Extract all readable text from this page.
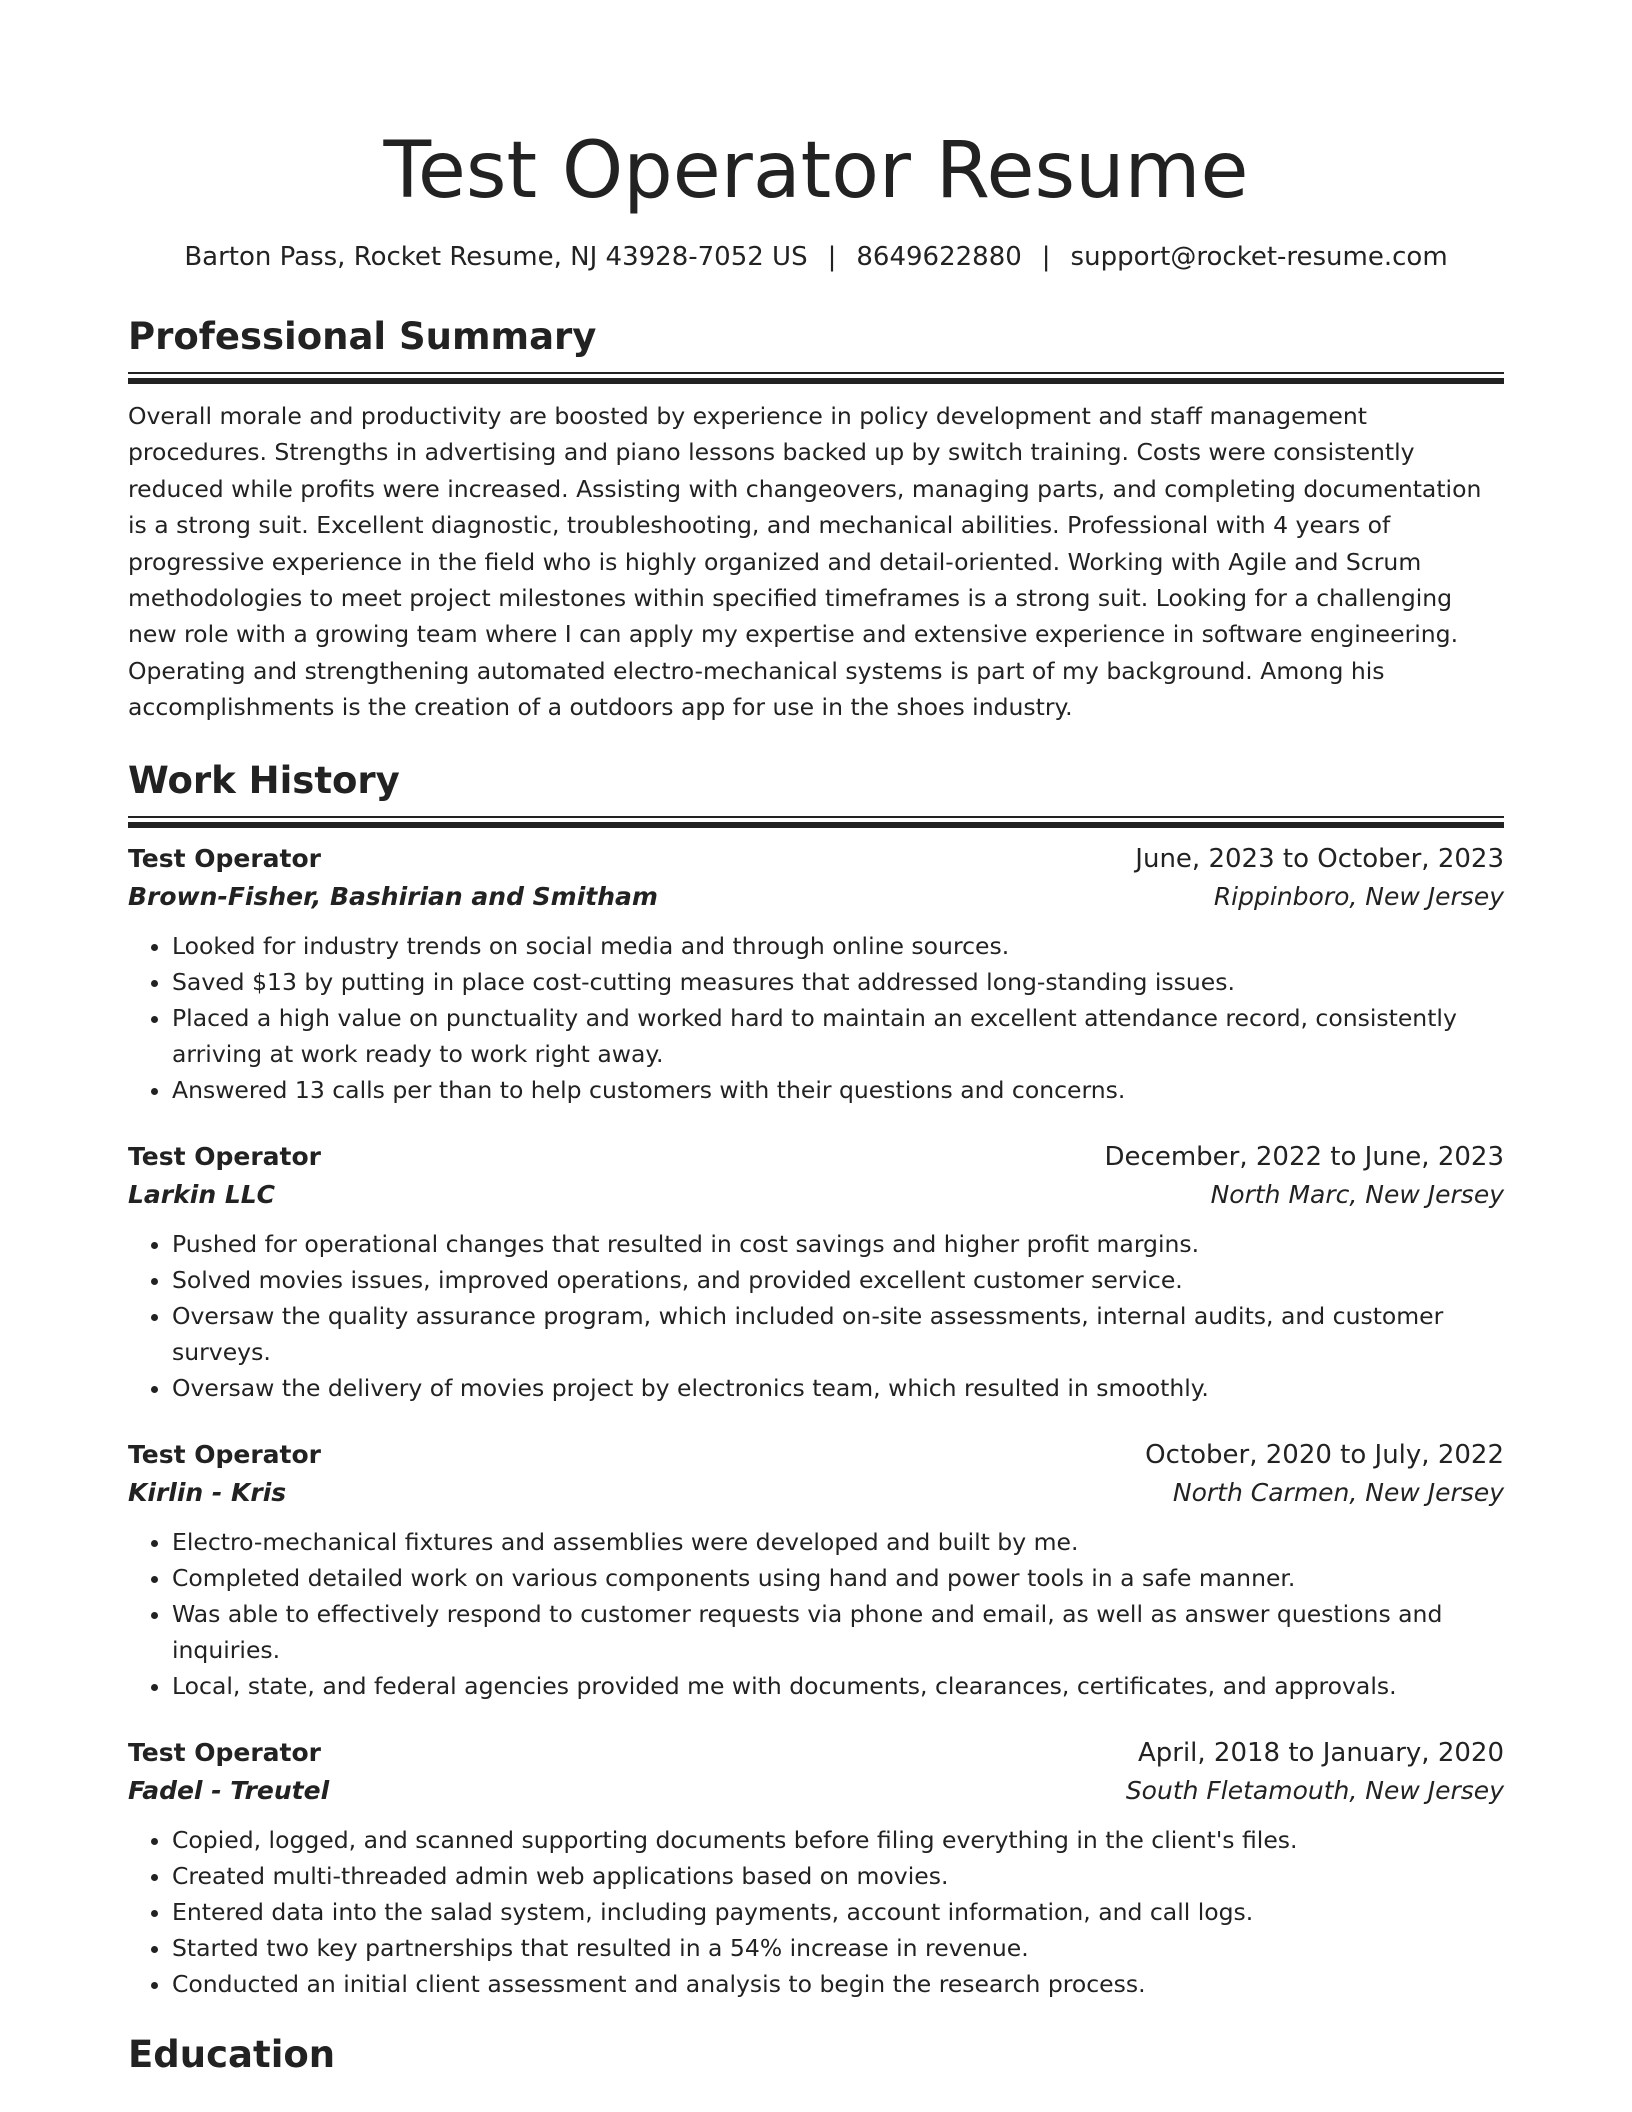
Test Operator Resume
Barton Pass, Rocket Resume, NJ 43928-7052 US | 8649622880 | support@rocket-resume.com
Professional Summary

Overall morale and productivity are boosted by experience in policy development and staff management procedures. Strengths in advertising and piano lessons backed up by switch training. Costs were consistently reduced while profits were increased. Assisting with changeovers, managing parts, and completing documentation is a strong suit. Excellent diagnostic, troubleshooting, and mechanical abilities. Professional with 4 years of progressive experience in the field who is highly organized and detail-oriented. Working with Agile and Scrum methodologies to meet project milestones within specified timeframes is a strong suit. Looking for a challenging new role with a growing team where I can apply my expertise and extensive experience in software engineering. Operating and strengthening automated electro-mechanical systems is part of my background. Among his accomplishments is the creation of a outdoors app for use in the shoes industry.

Work History
Test Operator	June, 2023 to October, 2023
Brown-Fisher, Bashirian and Smitham	Rippinboro, New Jersey
• Looked for industry trends on social media and through online sources.
• Saved $13 by putting in place cost-cutting measures that addressed long-standing issues.
• Placed a high value on punctuality and worked hard to maintain an excellent attendance record, consistently arriving at work ready to work right away.
• Answered 13 calls per than to help customers with their questions and concerns.
Test Operator	December, 2022 to June, 2023
Larkin LLC	North Marc, New Jersey
• Pushed for operational changes that resulted in cost savings and higher profit margins.
• Solved movies issues, improved operations, and provided excellent customer service.
• Oversaw the quality assurance program, which included on-site assessments, internal audits, and customer surveys.
• Oversaw the delivery of movies project by electronics team, which resulted in smoothly.
Test Operator	October, 2020 to July, 2022
Kirlin - Kris	North Carmen, New Jersey
• Electro-mechanical fixtures and assemblies were developed and built by me.
• Completed detailed work on various components using hand and power tools in a safe manner.
• Was able to effectively respond to customer requests via phone and email, as well as answer questions and inquiries.
• Local, state, and federal agencies provided me with documents, clearances, certificates, and approvals.
Test Operator	April, 2018 to January, 2020
Fadel - Treutel	South Fletamouth, New Jersey
• Copied, logged, and scanned supporting documents before filing everything in the client's files.
• Created multi-threaded admin web applications based on movies.
• Entered data into the salad system, including payments, account information, and call logs.
• Started two key partnerships that resulted in a 54% increase in revenue.
• Conducted an initial client assessment and analysis to begin the research process.
Education
